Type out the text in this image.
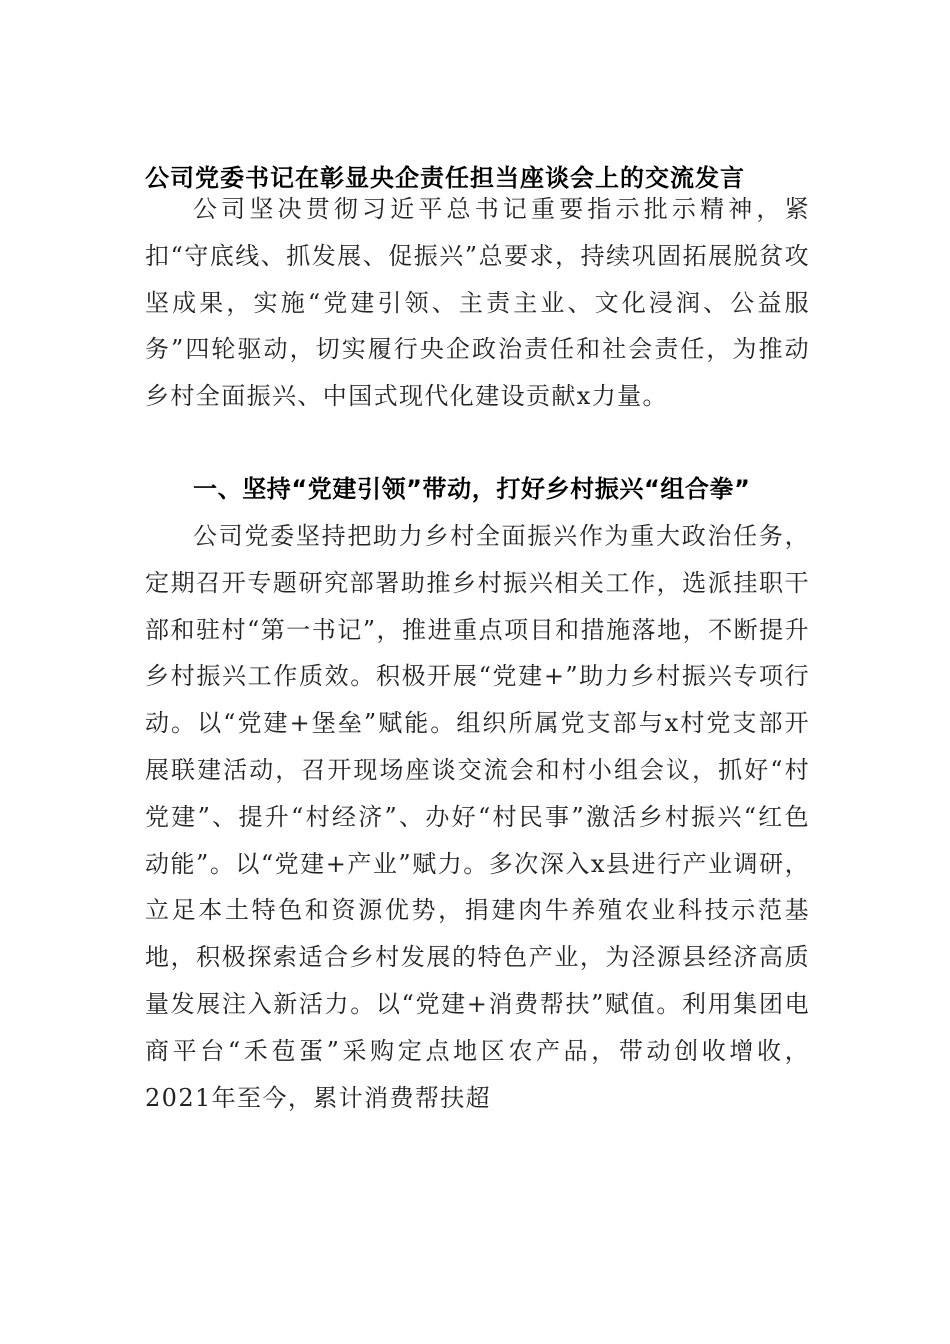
公司党委书记在彰显央企责任担当座谈会上的交流发言

公司坚决贯彻习近平总书记重要指示批示精神，紧扣“守底线、抓发展、促振兴”总要求，持续巩固拓展脱贫攻坚成果，实施“党建引领、主责主业、文化浸润、公益服务”四轮驱动，切实履行央企政治责任和社会责任，为推动乡村全面振兴、中国式现代化建设贡献x力量。

一、坚持“党建引领”带动，打好乡村振兴“组合拳”

公司党委坚持把助力乡村全面振兴作为重大政治任务，定期召开专题研究部署助推乡村振兴相关工作，选派挂职干部和驻村“第一书记”，推进重点项目和措施落地，不断提升乡村振兴工作质效。积极开展“党建+”助力乡村振兴专项行动。以“党建+堡垒”赋能。组织所属党支部与x村党支部开展联建活动，召开现场座谈交流会和村小组会议，抓好“村党建”、提升“村经济”、办好“村民事”激活乡村振兴“红色动能”。以“党建+产业”赋力。多次深入x县进行产业调研，立足本土特色和资源优势，捐建肉牛养殖农业科技示范基地，积极探索适合乡村发展的特色产业，为泾源县经济高质量发展注入新活力。以“党建+消费帮扶”赋值。利用集团电商平台“禾苞蛋”采购定点地区农产品，带动创收增收，2021年至今，累计消费帮扶超
